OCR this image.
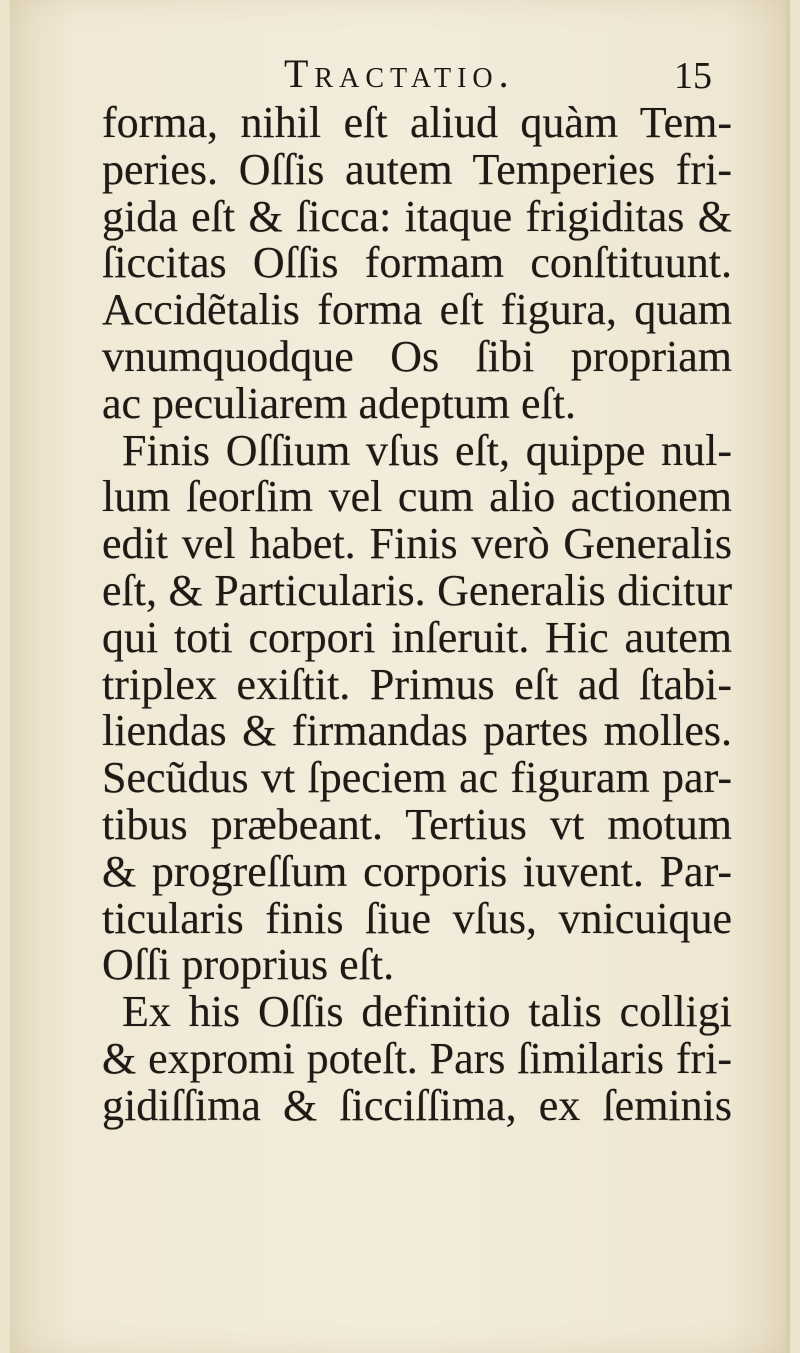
Tractatio.	15
forma, nihil eſt aliud quàm Tem-
peries. Oſſis autem Temperies fri-
gida eſt & ſicca: itaque frigiditas &
ſiccitas Oſſis formam conſtituunt.
Accidẽtalis forma eſt figura, quam
vnumquodque Os ſibi propriam
ac peculiarem adeptum eſt.
Finis Oſſium vſus eſt, quippe nul-
lum ſeorſim vel cum alio actionem
edit vel habet. Finis verò Generalis
eſt, & Particularis. Generalis dicitur
qui toti corpori inſeruit. Hic autem
triplex exiſtit. Primus eſt ad ſtabi-
liendas & firmandas partes molles.
Secũdus vt ſpeciem ac figuram par-
tibus præbeant. Tertius vt motum
& progreſſum corporis iuvent. Par-
ticularis finis ſiue vſus, vnicuique
Oſſi proprius eſt.
Ex his Oſſis definitio talis colligi
& expromi poteſt. Pars ſimilaris fri-
gidiſſima & ſicciſſima, ex ſeminis
